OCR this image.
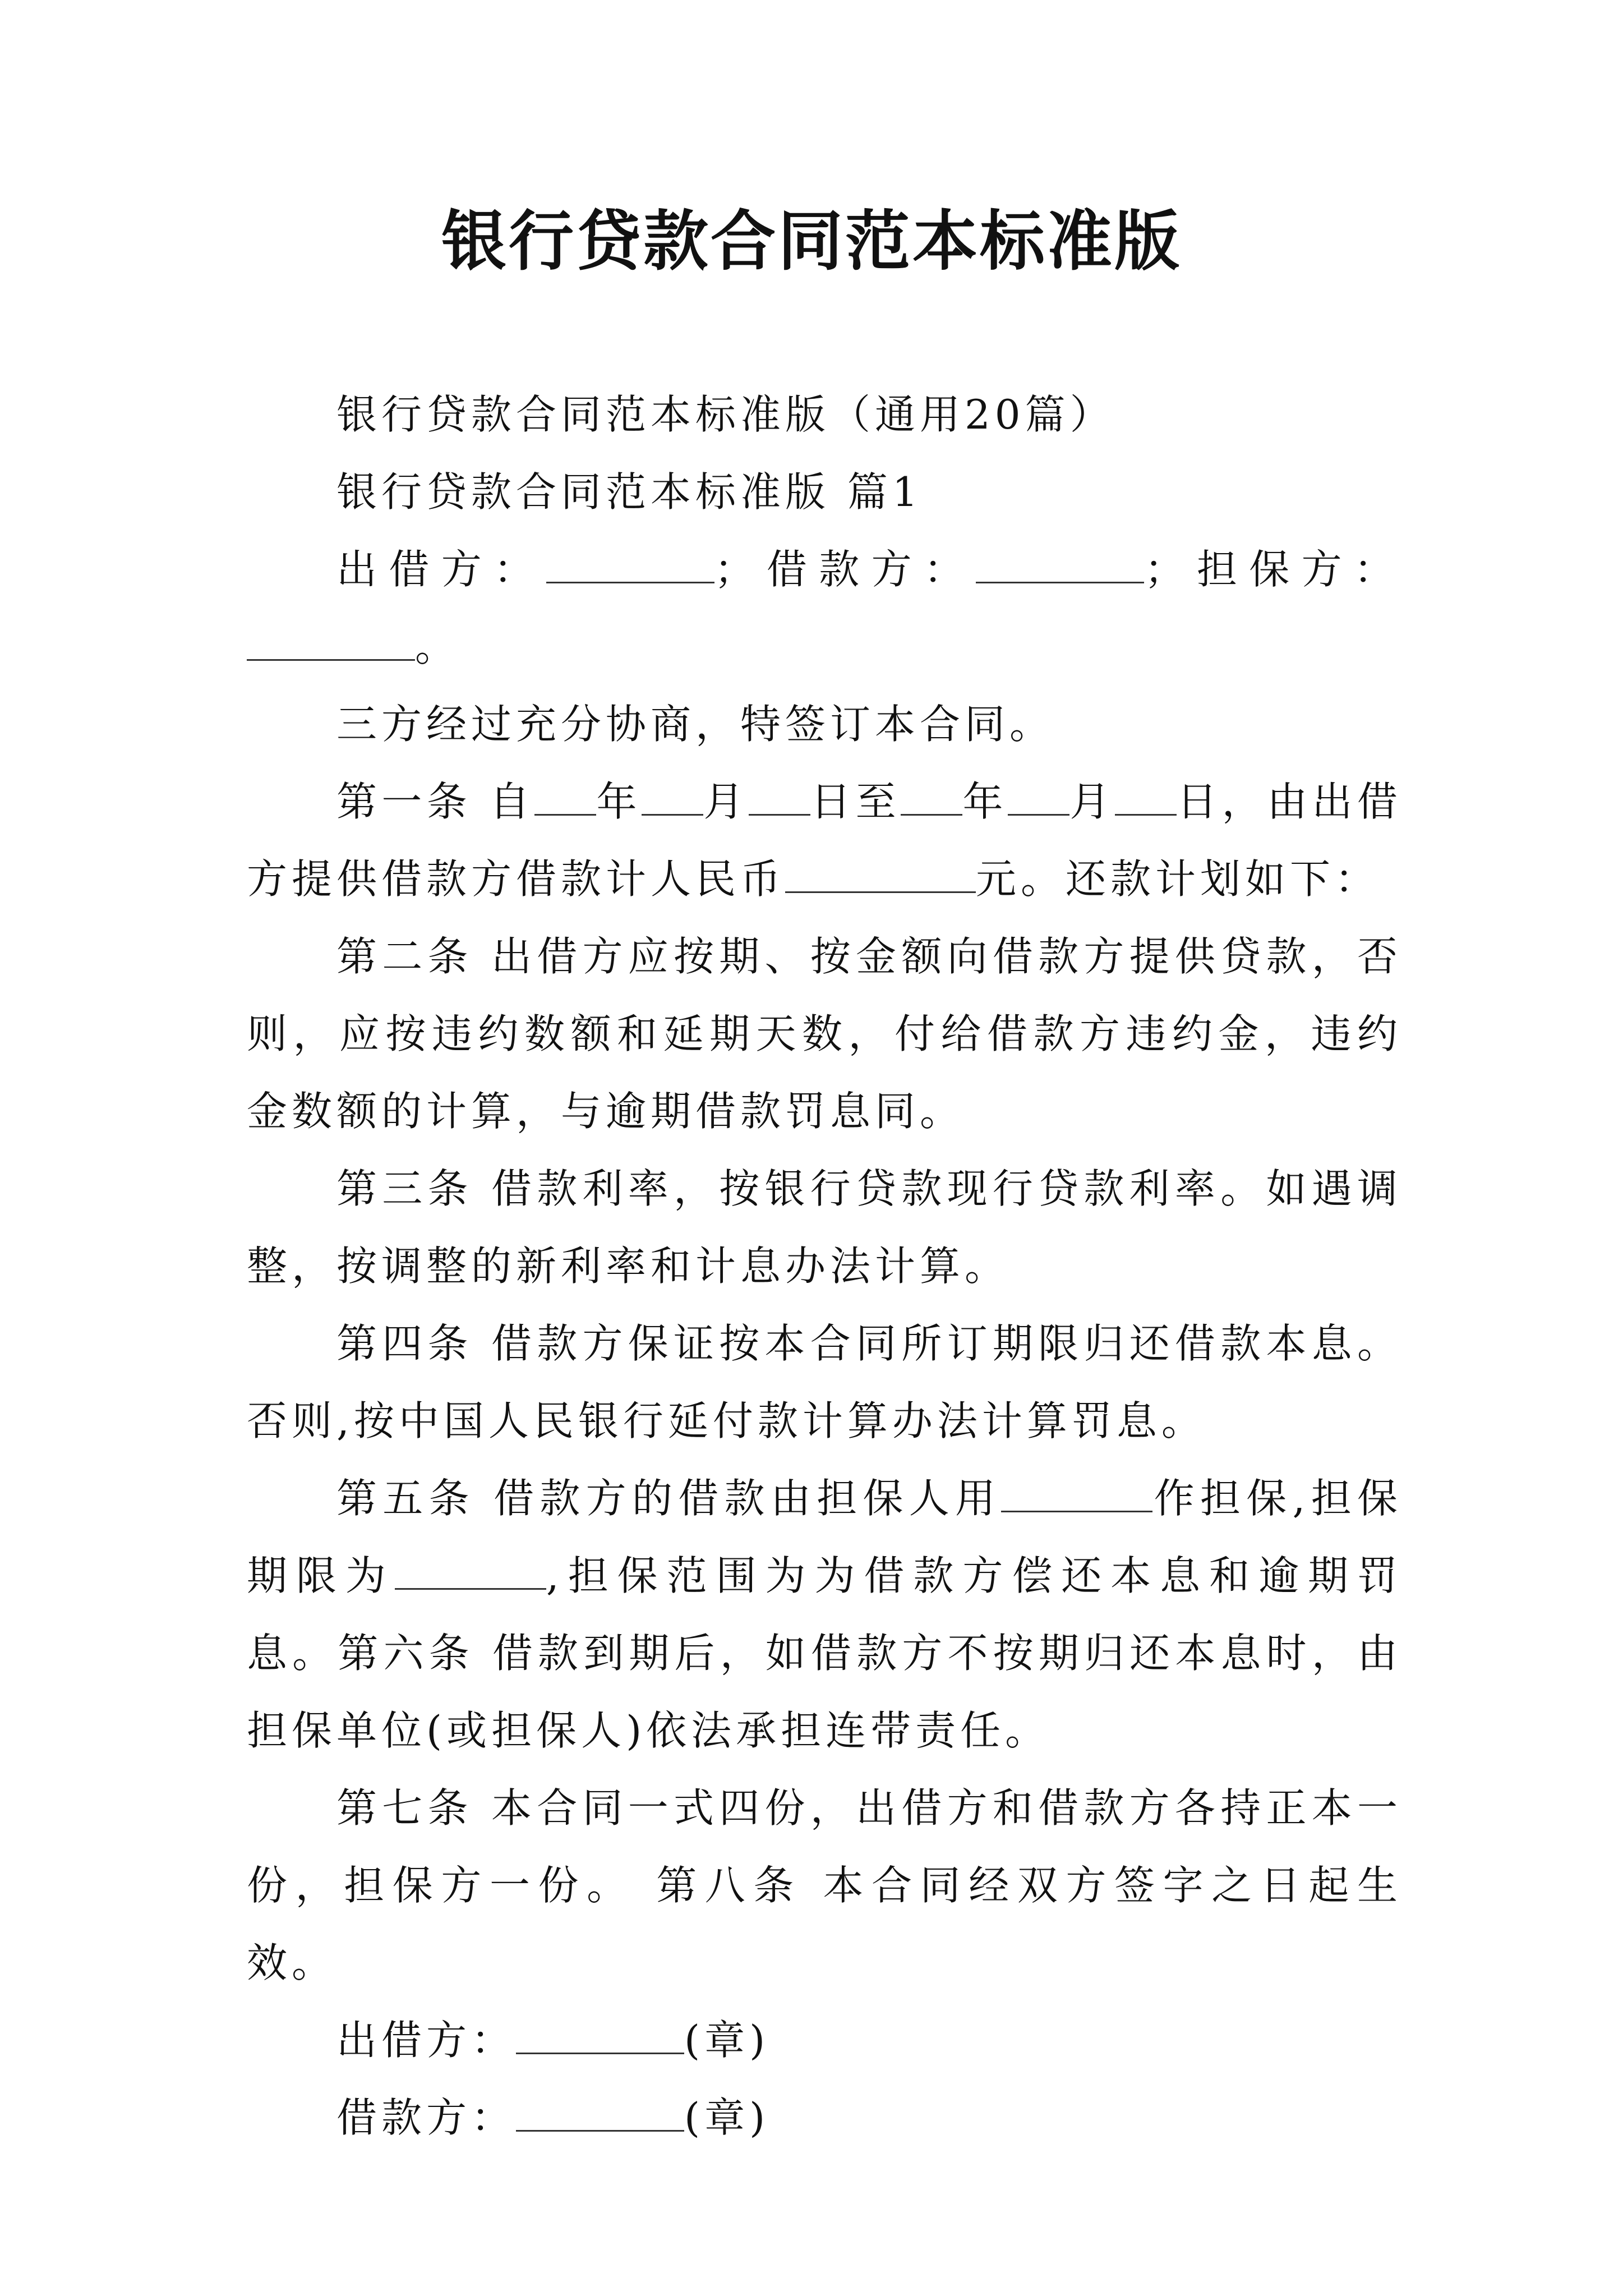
银行贷款合同范本标准版

银行贷款合同范本标准版（通用20篇）

银行贷款合同范本标准版 篇1

出借方：	；借款方：	；担保方：

。

三方经过充分协商，特签订本合同。

第一条 自 年 月 日至 年 月 日，由出借方提供借款方借款计人民币	元。还款计划如下：

第二条 出借方应按期、按金额向借款方提供贷款，否则，应按违约数额和延期天数，付给借款方违约金，违约金数额的计算，与逾期借款罚息同。

第三条 借款利率，按银行贷款现行贷款利率。如遇调整，按调整的新利率和计息办法计算。

第四条 借款方保证按本合同所订期限归还借款本息。否则,按中国人民银行延付款计算办法计算罚息。

第五条 借款方的借款由担保人用	作担保,担保期限为	,担保范围为为借款方偿还本息和逾期罚息。第六条 借款到期后，如借款方不按期归还本息时，由担保单位(或担保人)依法承担连带责任。

第七条 本合同一式四份，出借方和借款方各持正本一份，担保方一份。 第八条 本合同经双方签字之日起生效。

出借方：	(章)

借款方：	(章)
